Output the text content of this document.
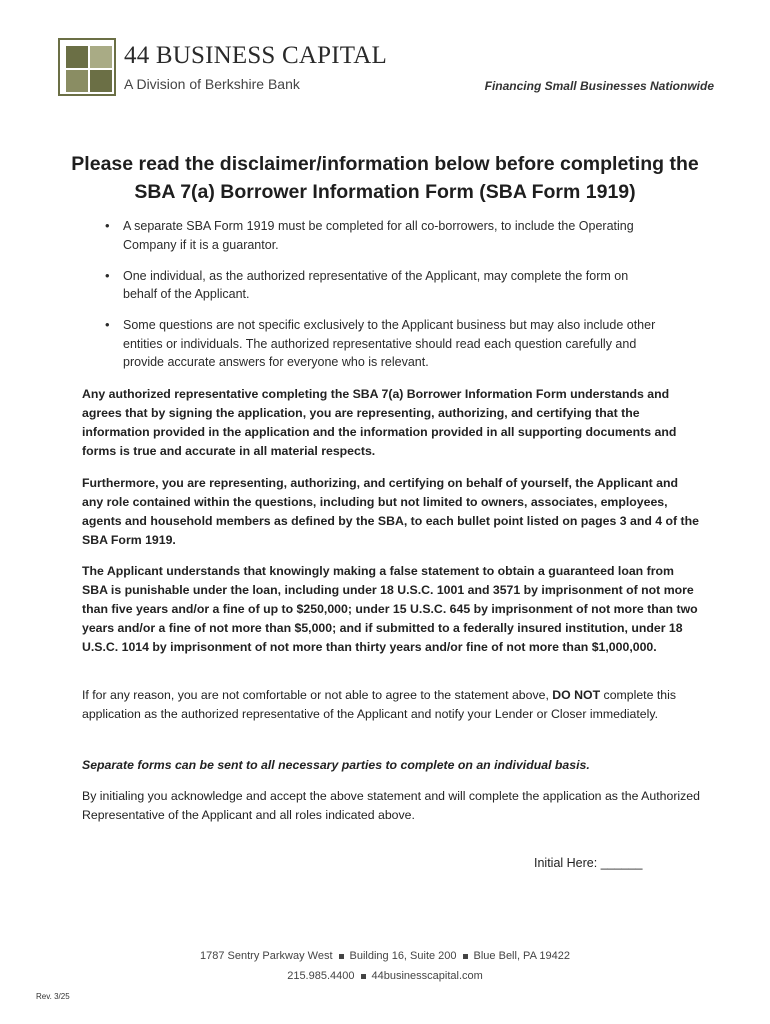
44 BUSINESS CAPITAL
A Division of Berkshire Bank	Financing Small Businesses Nationwide
Please read the disclaimer/information below before completing the SBA 7(a) Borrower Information Form (SBA Form 1919)
• A separate SBA Form 1919 must be completed for all co-borrowers, to include the Operating Company if it is a guarantor.
• One individual, as the authorized representative of the Applicant, may complete the form on behalf of the Applicant.
• Some questions are not specific exclusively to the Applicant business but may also include other entities or individuals. The authorized representative should read each question carefully and provide accurate answers for everyone who is relevant.

Any authorized representative completing the SBA 7(a) Borrower Information Form understands and agrees that by signing the application, you are representing, authorizing, and certifying that the information provided in the application and the information provided in all supporting documents and forms is true and accurate in all material respects.

Furthermore, you are representing, authorizing, and certifying on behalf of yourself, the Applicant and any role contained within the questions, including but not limited to owners, associates, employees, agents and household members as defined by the SBA, to each bullet point listed on pages 3 and 4 of the SBA Form 1919.

The Applicant understands that knowingly making a false statement to obtain a guaranteed loan from SBA is punishable under the loan, including under 18 U.S.C. 1001 and 3571 by imprisonment of not more than five years and/or a fine of up to $250,000; under 15 U.S.C. 645 by imprisonment of not more than two years and/or a fine of not more than $5,000; and if submitted to a federally insured institution, under 18 U.S.C. 1014 by imprisonment of not more than thirty years and/or fine of not more than $1,000,000.

If for any reason, you are not comfortable or not able to agree to the statement above, DO NOT complete this application as the authorized representative of the Applicant and notify your Lender or Closer immediately.

Separate forms can be sent to all necessary parties to complete on an individual basis.

By initialing you acknowledge and accept the above statement and will complete the application as the Authorized Representative of the Applicant and all roles indicated above.

Initial Here: ______
1787 Sentry Parkway West Building 16, Suite 200 Blue Bell, PA 19422
215.985.4400 44businesscapital.com
Rev. 3/25
